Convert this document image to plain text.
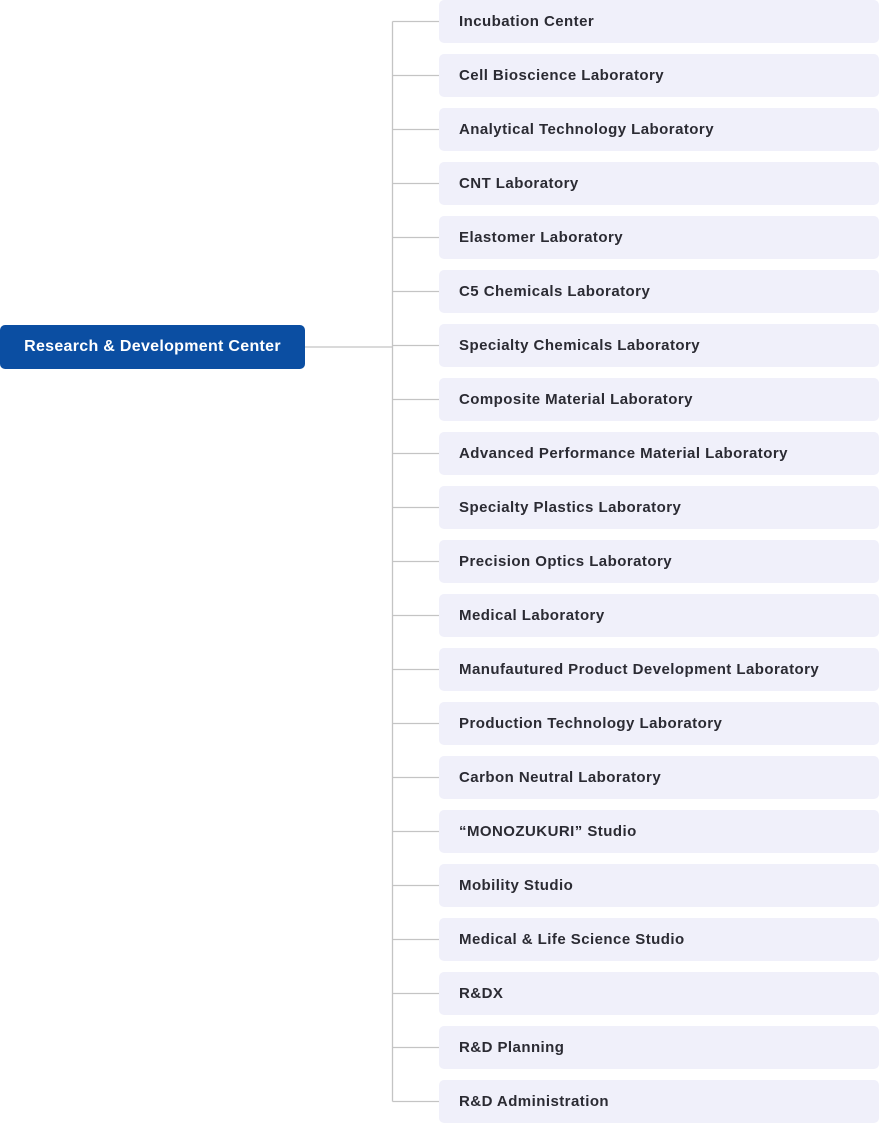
Research & Development Center
Incubation Center
Cell Bioscience Laboratory
Analytical Technology Laboratory
CNT Laboratory
Elastomer Laboratory
C5 Chemicals Laboratory
Specialty Chemicals Laboratory
Composite Material Laboratory
Advanced Performance Material Laboratory
Specialty Plastics Laboratory
Precision Optics Laboratory
Medical Laboratory
Manufautured Product Development Laboratory
Production Technology Laboratory
Carbon Neutral Laboratory
“MONOZUKURI” Studio
Mobility Studio
Medical & Life Science Studio
R&DX
R&D Planning
R&D Administration
